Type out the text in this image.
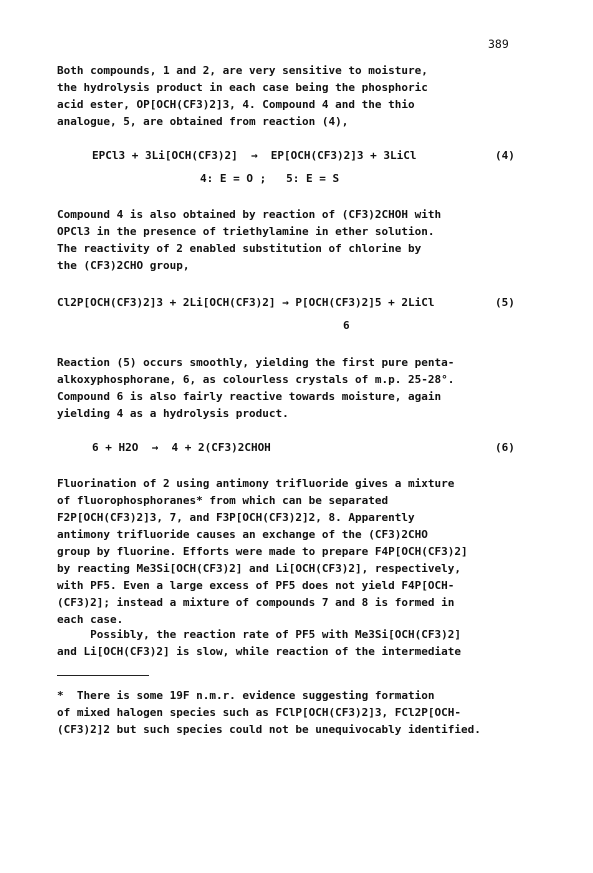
389
Both compounds, 1 and 2, are very sensitive to moisture,
the hydrolysis product in each case being the phosphoric
acid ester, OP[OCH(CF3)2]3, 4. Compound 4 and the thio
analogue, 5, are obtained from reaction (4),
EPCl3 + 3Li[OCH(CF3)2]  →  EP[OCH(CF3)2]3 + 3LiCl	(4)
4: E = O ;   5: E = S
Compound 4 is also obtained by reaction of (CF3)2CHOH with
OPCl3 in the presence of triethylamine in ether solution.
The reactivity of 2 enabled substitution of chlorine by
the (CF3)2CHO group,
Cl2P[OCH(CF3)2]3 + 2Li[OCH(CF3)2] → P[OCH(CF3)2]5 + 2LiCl	(5)
6
Reaction (5) occurs smoothly, yielding the first pure penta-
alkoxyphosphorane, 6, as colourless crystals of m.p. 25-28°.
Compound 6 is also fairly reactive towards moisture, again
yielding 4 as a hydrolysis product.
6 + H2O  →  4 + 2(CF3)2CHOH	(6)
Fluorination of 2 using antimony trifluoride gives a mixture
of fluorophosphoranes* from which can be separated
F2P[OCH(CF3)2]3, 7, and F3P[OCH(CF3)2]2, 8. Apparently
antimony trifluoride causes an exchange of the (CF3)2CHO
group by fluorine. Efforts were made to prepare F4P[OCH(CF3)2]
by reacting Me3Si[OCH(CF3)2] and Li[OCH(CF3)2], respectively,
with PF5. Even a large excess of PF5 does not yield F4P[OCH-
(CF3)2]; instead a mixture of compounds 7 and 8 is formed in
each case.
Possibly, the reaction rate of PF5 with Me3Si[OCH(CF3)2]
and Li[OCH(CF3)2] is slow, while reaction of the intermediate
*  There is some 19F n.m.r. evidence suggesting formation
of mixed halogen species such as FClP[OCH(CF3)2]3, FCl2P[OCH-
(CF3)2]2 but such species could not be unequivocably identified.
